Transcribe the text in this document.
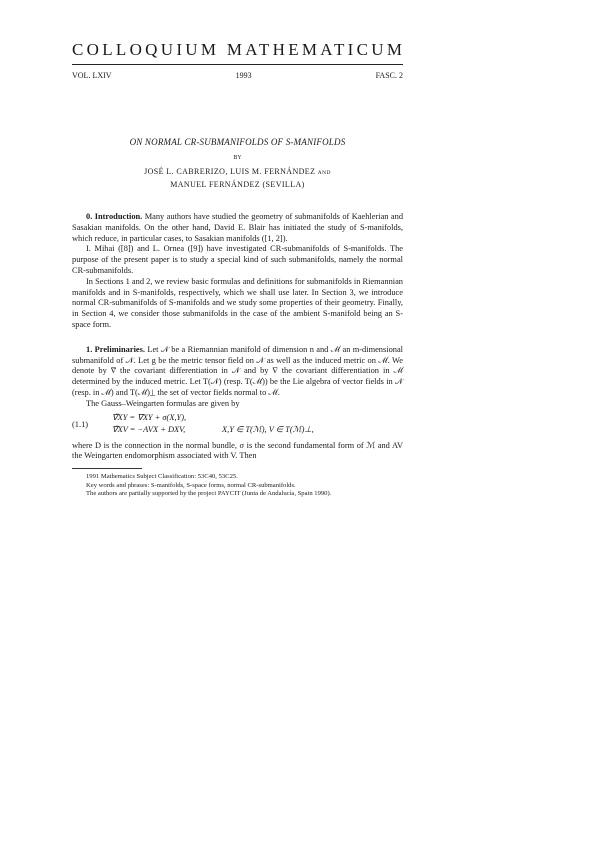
COLLOQUIUM MATHEMATICUM
VOL. LXIV	1993	FASC. 2
ON NORMAL CR-SUBMANIFOLDS OF S-MANIFOLDS
BY
JOSÉ L. CABRERIZO, LUIS M. FERNÁNDEZ AND
MANUEL FERNÁNDEZ (SEVILLA)

0. Introduction. Many authors have studied the geometry of submanifolds of Kaehlerian and Sasakian manifolds. On the other hand, David E. Blair has initiated the study of S-manifolds, which reduce, in particular cases, to Sasakian manifolds ([1, 2]).

I. Mihai ([8]) and L. Ornea ([9]) have investigated CR-submanifolds of S-manifolds. The purpose of the present paper is to study a special kind of such submanifolds, namely the normal CR-submanifolds.

In Sections 1 and 2, we review basic formulas and definitions for submanifolds in Riemannian manifolds and in S-manifolds, respectively, which we shall use later. In Section 3, we introduce normal CR-submanifolds of S-manifolds and we study some properties of their geometry. Finally, in Section 4, we consider those submanifolds in the case of the ambient S-manifold being an S-space form.

1. Preliminaries. Let 𝒩 be a Riemannian manifold of dimension n and ℳ an m-dimensional submanifold of 𝒩. Let g be the metric tensor field on 𝒩 as well as the induced metric on ℳ. We denote by ∇̄ the covariant differentiation in 𝒩 and by ∇ the covariant differentiation in ℳ determined by the induced metric. Let T(𝒩) (resp. T(ℳ)) be the Lie algebra of vector fields in 𝒩 (resp. in ℳ) and T(ℳ)⊥ the set of vector fields normal to ℳ.

The Gauss–Weingarten formulas are given by

(1.1)
∇̄XY = ∇XY + σ(X,Y),
∇̄XV = −AVX + DXV,	X,Y ∈ T(ℳ), V ∈ T(ℳ)⊥,

where D is the connection in the normal bundle, σ is the second fundamental form of ℳ and AV the Weingarten endomorphism associated with V. Then

1991 Mathematics Subject Classification: 53C40, 53C25.

Key words and phrases: S-manifolds, S-space forms, normal CR-submanifolds.

The authors are partially supported by the project PAYCIT (Junta de Andalucía, Spain 1990).
